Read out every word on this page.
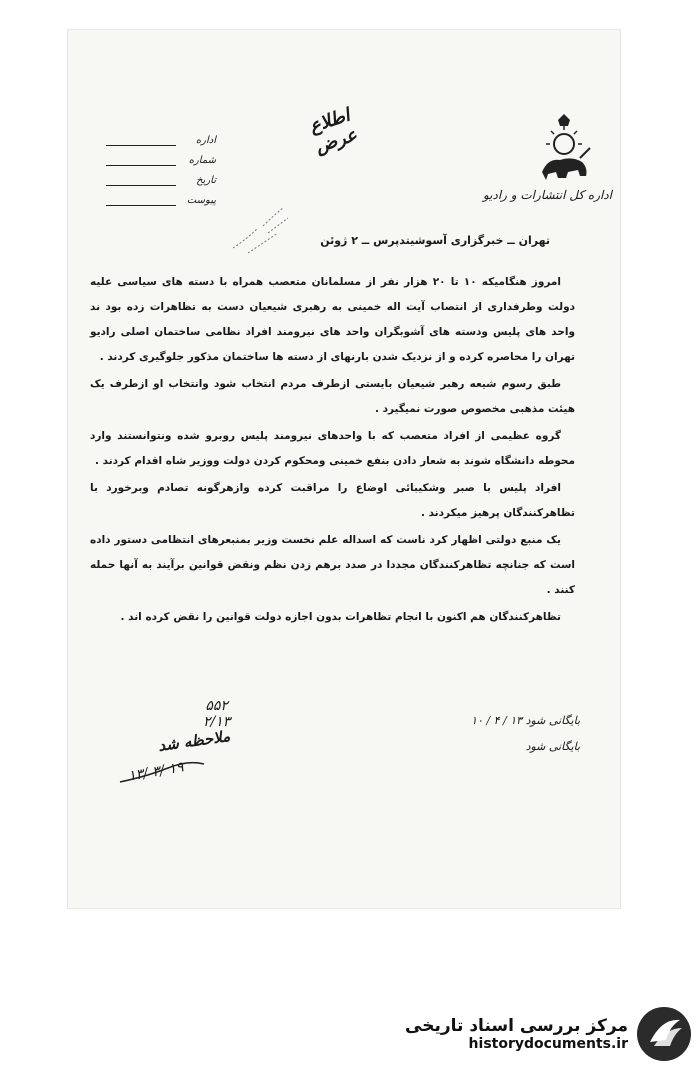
اداره کل انتشارات و رادیو
اطلاع عرض
اداره
شماره
تاریخ
پیوست
تهران ــ خبرگزاری آسوشیتدپرس ــ ۲ ژوئن

امروز هنگامیکه ۱۰ تا ۲۰ هزار نفر از مسلمانان متعصب همراه با دسته های سیاسی علیه دولت وطرفداری از انتصاب آیت اله خمینی به رهبری شیعیان دست به تظاهرات زده بود ند واحد های پلیس ودسته های آشوبگران واحد های نیرومند افراد نظامی ساختمان اصلی رادیو تهران را محاصره کرده و از نزدیک شدن بارنهای از دسته ها ساختمان مذکور جلوگیری کردند .

طبق رسوم شیعه رهبر شیعیان بایستی ازطرف مردم انتخاب شود وانتخاب او ازطرف یک هیئت مذهبی مخصوص صورت نمیگیرد .

گروه عظیمی از افراد متعصب که با واحدهای نیرومند پلیس روبرو شده ونتوانستند وارد محوطه دانشگاه شوند به شعار دادن بنفع خمینی ومحکوم کردن دولت ووزیر شاه اقدام کردند .

افراد پلیس با صبر وشکیبائی اوضاع را مراقبت کرده وازهرگونه تصادم وبرخورد با تظاهرکنندگان پرهیز میکردند .

یک منبع دولتی اظهار کرد ناست که اسداله علم نخست وزیر بمنبعرهای انتظامی دستور داده است که جنانچه تظاهرکنندگان مجددا در صدد برهم زدن نظم ونقض قوانین برآیند به آنها حمله کنند .

تظاهرکنندگان هم اکنون با انجام تظاهرات بدون اجازه دولت قوانین را نقض کرده اند .

بایگانی شود ۱۳ / ۴ / ۱۰
بایگانی شود
۵۵۲
۲/۱۳
ملاحظه شد
۱۳/ ۳/ ۱۹
مرکز بررسی اسناد تاریخی
historydocuments.ir
